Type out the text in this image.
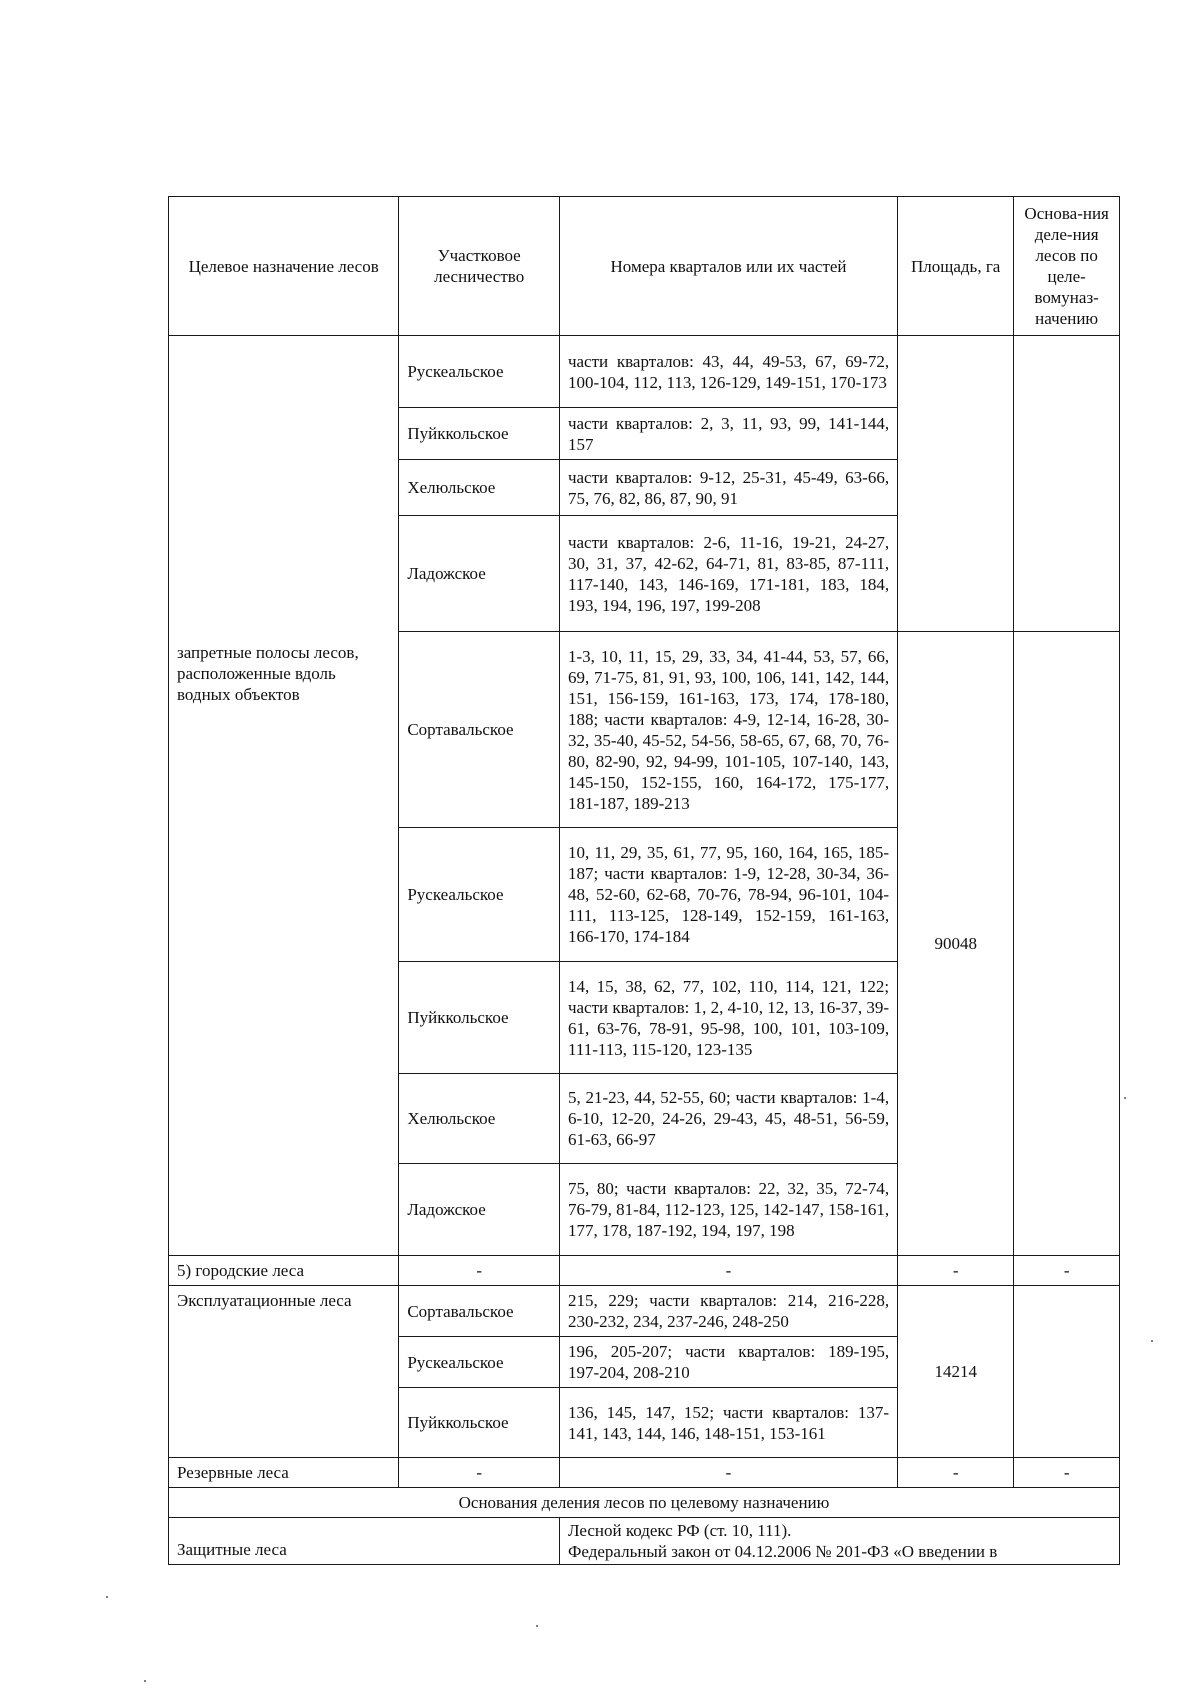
Целевое назначение лесов	Участковое лесничество	Номера кварталов или их частей	Площадь, га	Основа-ния деле-ния лесов по целе-вомуназ-начению

запретные полосы лесов, расположенные вдоль водных объектов	Рускеальское	части кварталов: 43, 44, 49-53, 67, 69-72, 100-104, 112, 113, 126-129, 149-151, 170-173		
	Пуйккольское	части кварталов: 2, 3, 11, 93, 99, 141-144, 157		
	Хелюльское	части кварталов: 9-12, 25-31, 45-49, 63-66, 75, 76, 82, 86, 87, 90, 91		
	Ладожское	части кварталов: 2-6, 11-16, 19-21, 24-27, 30, 31, 37, 42-62, 64-71, 81, 83-85, 87-111, 117-140, 143, 146-169, 171-181, 183, 184, 193, 194, 196, 197, 199-208		
	Сортавальское	1-3, 10, 11, 15, 29, 33, 34, 41-44, 53, 57, 66, 69, 71-75, 81, 91, 93, 100, 106, 141, 142, 144, 151, 156-159, 161-163, 173, 174, 178-180, 188; части кварталов: 4-9, 12-14, 16-28, 30-32, 35-40, 45-52, 54-56, 58-65, 67, 68, 70, 76-80, 82-90, 92, 94-99, 101-105, 107-140, 143, 145-150, 152-155, 160, 164-172, 175-177, 181-187, 189-213	90048	
	Рускеальское	10, 11, 29, 35, 61, 77, 95, 160, 164, 165, 185-187; части кварталов: 1-9, 12-28, 30-34, 36-48, 52-60, 62-68, 70-76, 78-94, 96-101, 104-111, 113-125, 128-149, 152-159, 161-163, 166-170, 174-184		
	Пуйккольское	14, 15, 38, 62, 77, 102, 110, 114, 121, 122; части кварталов: 1, 2, 4-10, 12, 13, 16-37, 39-61, 63-76, 78-91, 95-98, 100, 101, 103-109, 111-113, 115-120, 123-135		
	Хелюльское	5, 21-23, 44, 52-55, 60; части кварталов: 1-4, 6-10, 12-20, 24-26, 29-43, 45, 48-51, 56-59, 61-63, 66-97		
	Ладожское	75, 80; части кварталов: 22, 32, 35, 72-74, 76-79, 81-84, 112-123, 125, 142-147, 158-161, 177, 178, 187-192, 194, 197, 198		
5) городские леса	-	-	-	-
Эксплуатационные леса	Сортавальское	215, 229; части кварталов: 214, 216-228, 230-232, 234, 237-246, 248-250	14214	
	Рускеальское	196, 205-207; части кварталов: 189-195, 197-204, 208-210		
	Пуйккольское	136, 145, 147, 152; части кварталов: 137-141, 143, 144, 146, 148-151, 153-161		
Резервные леса	-	-	-	-
Основания деления лесов по целевому назначению				
Защитные леса		Лесной кодекс РФ (ст. 10, 111).
Федеральный закон от 04.12.2006 № 201-ФЗ «О введении в		
